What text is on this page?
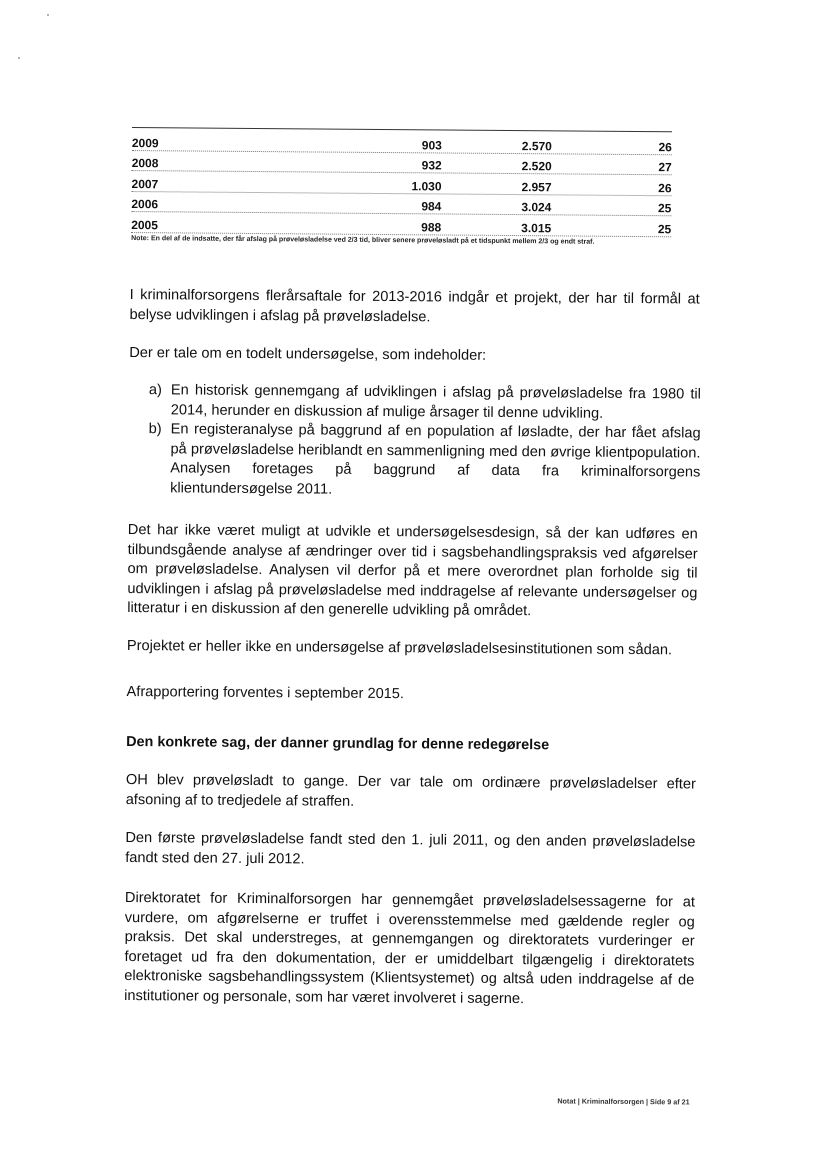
2009	903	2.570	26
2008	932	2.520	27
2007	1.030	2.957	26
2006	984	3.024	25
2005	988	3.015	25
Note: En del af de indsatte, der får afslag på prøveløsladelse ved 2/3 tid, bliver senere prøveløsladt på et tidspunkt mellem 2/3 og endt straf.
I kriminalforsorgens flerårsaftale for 2013-2016 indgår et projekt, der har til formål at belyse udviklingen i afslag på prøveløsladelse.
Der er tale om en todelt undersøgelse, som indeholder:
a) En historisk gennemgang af udviklingen i afslag på prøveløsladelse fra 1980 til 2014, herunder en diskussion af mulige årsager til denne udvikling.
b) En registeranalyse på baggrund af en population af løsladte, der har fået afslag på prøveløsladelse heriblandt en sammenligning med den øvrige klientpopulation. Analysen foretages på baggrund af data fra kriminalforsorgens klientundersøgelse 2011.
Det har ikke været muligt at udvikle et undersøgelsesdesign, så der kan udføres en tilbundsgående analyse af ændringer over tid i sagsbehandlingspraksis ved afgørelser om prøveløsladelse. Analysen vil derfor på et mere overordnet plan forholde sig til udviklingen i afslag på prøveløsladelse med inddragelse af relevante undersøgelser og litteratur i en diskussion af den generelle udvikling på området.
Projektet er heller ikke en undersøgelse af prøveløsladelsesinstitutionen som sådan.
Afrapportering forventes i september 2015.
Den konkrete sag, der danner grundlag for denne redegørelse
OH blev prøveløsladt to gange. Der var tale om ordinære prøveløsladelser efter afsoning af to tredjedele af straffen.
Den første prøveløsladelse fandt sted den 1. juli 2011, og den anden prøveløsladelse fandt sted den 27. juli 2012.
Direktoratet for Kriminalforsorgen har gennemgået prøveløsladelsessagerne for at vurdere, om afgørelserne er truffet i overensstemmelse med gældende regler og praksis. Det skal understreges, at gennemgangen og direktoratets vurderinger er foretaget ud fra den dokumentation, der er umiddelbart tilgængelig i direktoratets elektroniske sagsbehandlingssystem (Klientsystemet) og altså uden inddragelse af de institutioner og personale, som har været involveret i sagerne.
Notat | Kriminalforsorgen | Side 9 af 21
